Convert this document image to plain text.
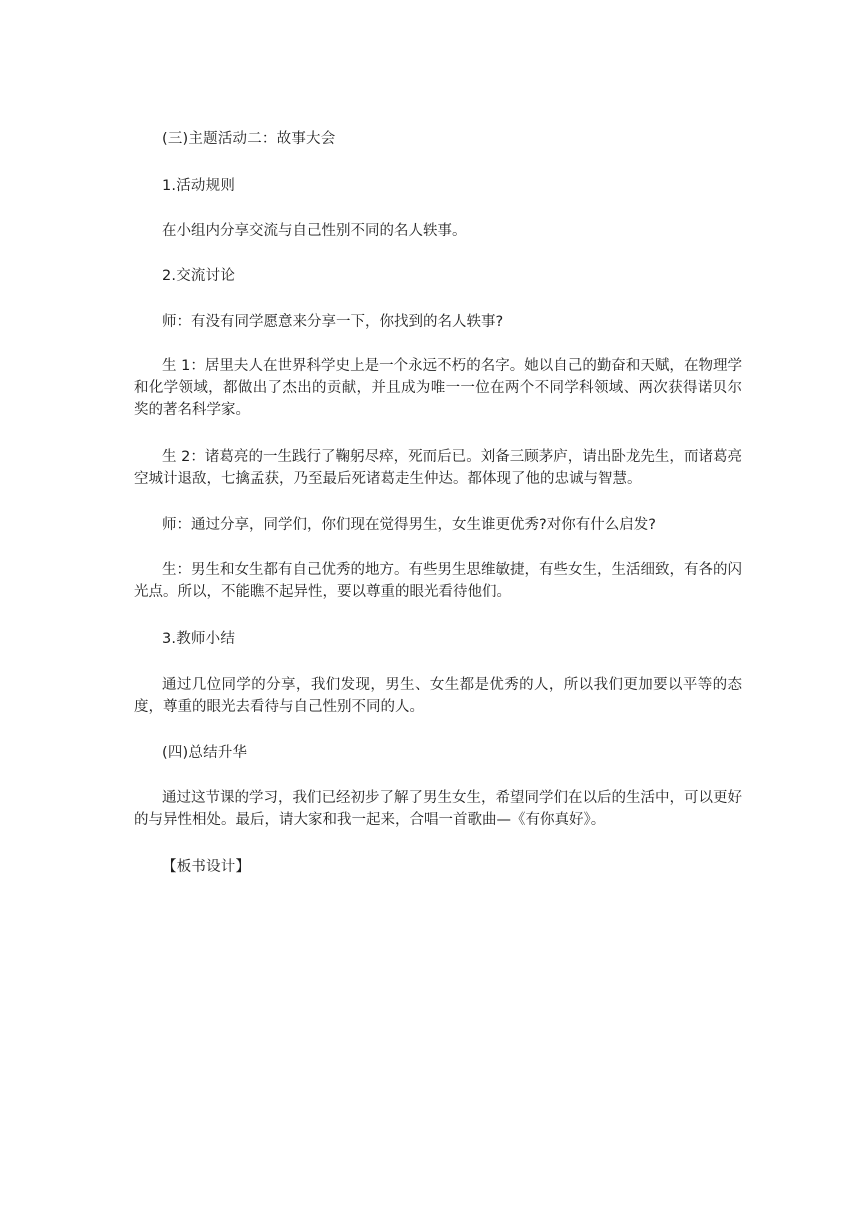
(三)主题活动二：故事大会

1.活动规则

在小组内分享交流与自己性别不同的名人轶事。

2.交流讨论

师：有没有同学愿意来分享一下，你找到的名人轶事?

生 1：居里夫人在世界科学史上是一个永远不朽的名字。她以自己的勤奋和天赋，在物理学和化学领域，都做出了杰出的贡献，并且成为唯一一位在两个不同学科领域、两次获得诺贝尔奖的著名科学家。

生 2：诸葛亮的一生践行了鞠躬尽瘁，死而后已。刘备三顾茅庐，请出卧龙先生，而诸葛亮空城计退敌，七擒孟获，乃至最后死诸葛走生仲达。都体现了他的忠诚与智慧。

师：通过分享，同学们，你们现在觉得男生，女生谁更优秀?对你有什么启发?

生：男生和女生都有自己优秀的地方。有些男生思维敏捷，有些女生，生活细致，有各的闪光点。所以，不能瞧不起异性，要以尊重的眼光看待他们。

3.教师小结

通过几位同学的分享，我们发现，男生、女生都是优秀的人，所以我们更加要以平等的态度，尊重的眼光去看待与自己性别不同的人。

(四)总结升华

通过这节课的学习，我们已经初步了解了男生女生，希望同学们在以后的生活中，可以更好的与异性相处。最后，请大家和我一起来，合唱一首歌曲—《有你真好》。

【板书设计】
